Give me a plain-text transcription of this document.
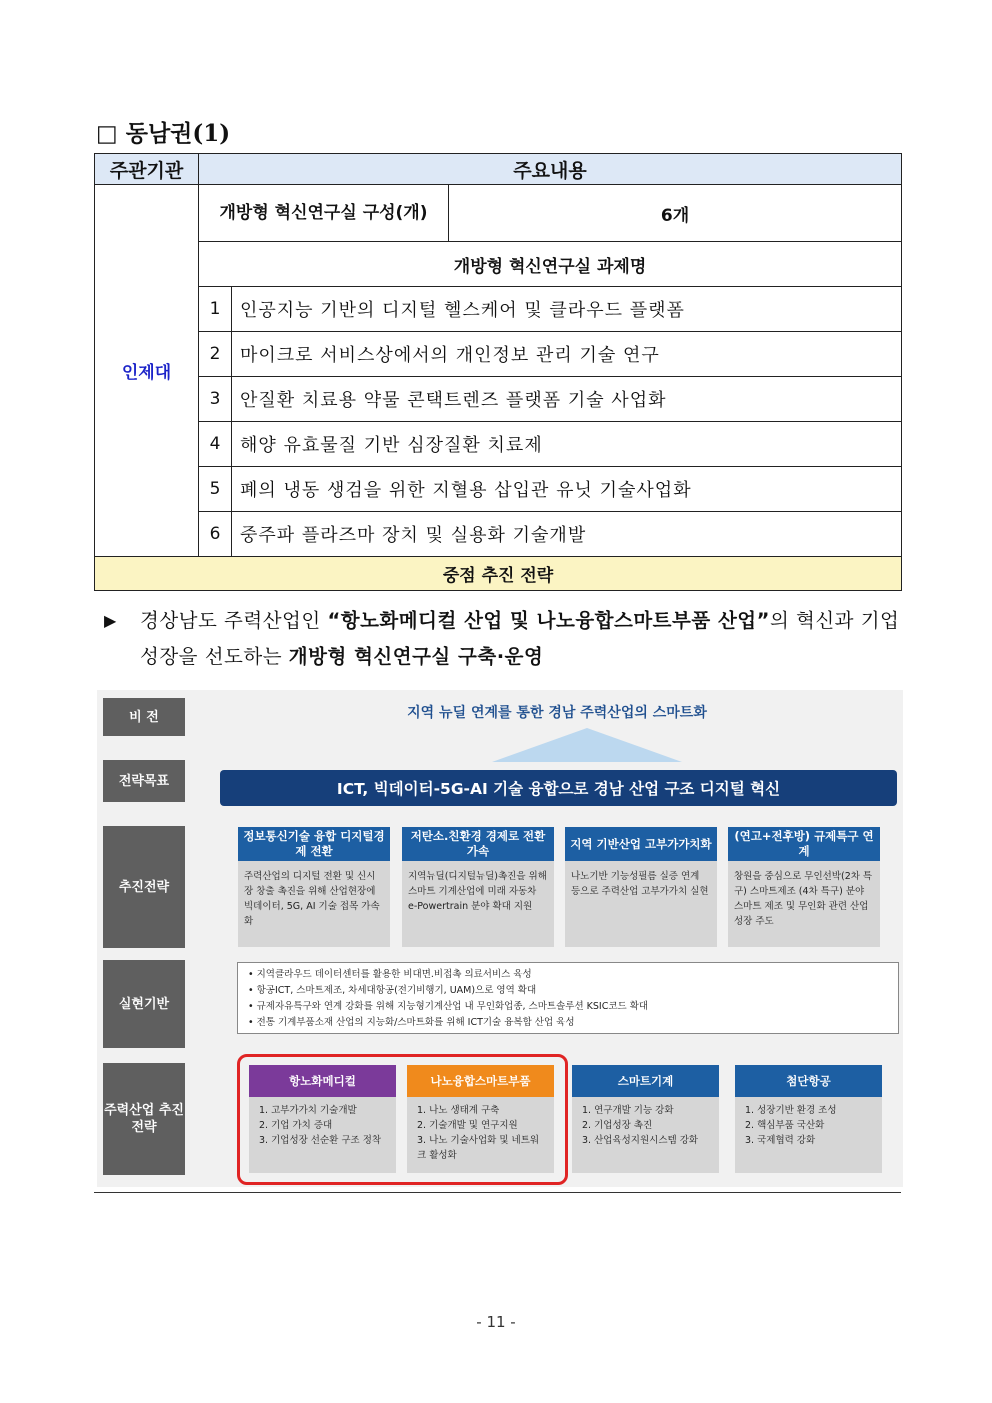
□ 동남권(1)
주관기관	주요내용		
인제대	개방형 혁신연구실 구성(개)		6개
	개방형 혁신연구실 과제명		
	1	인공지능 기반의 디지털 헬스케어 및 클라우드 플랫폼	
	2	마이크로 서비스상에서의 개인정보 관리 기술 연구	
	3	안질환 치료용 약물 콘택트렌즈 플랫폼 기술 사업화	
	4	해양 유효물질 기반 심장질환 치료제	
	5	폐의 냉동 생검을 위한 지혈용 삽입관 유닛 기술사업화	
	6	중주파 플라즈마 장치 및 실용화 기술개발	
중점 추진 전략			
▶ 경상남도 주력산업인 “항노화메디컬 산업 및 나노융합스마트부품 산업”의 혁신과 기업성장을 선도하는 개방형 혁신연구실 구축·운영
비 전
전략목표
추진전략
실현기반
주력산업 추진전략
지역 뉴딜 연계를 통한 경남 주력산업의 스마트화
ICT, 빅데이터-5G-AI 기술 융합으로 경남 산업 구조 디지털 혁신
정보통신기술 융합 디지털경제 전환
주력산업의 디지털 전환 및 신시장 창출 촉진을 위해 산업현장에 빅데이터, 5G, AI 기술 접목 가속화
저탄소.친환경 경제로 전환 가속
지역뉴딜(디지털뉴딜)촉진을 위해 스마트 기계산업에 미래 자동차 e-Powertrain 분야 확대 지원
지역 기반산업 고부가가치화
나노기반 기능성필름 실증 연계 등으로 주력산업 고부가가치 실현
(연고+전후방) 규제특구 연계
창원을 중심으로 무인선박(2차 특구) 스마트제조 (4차 특구) 분야 스마트 제조 및 무인화 관련 산업 성장 주도
• 지역클라우드 데이터센터를 활용한 비대면.비접촉 의료서비스 육성
• 항공ICT, 스마트제조, 차세대항공(전기비행기, UAM)으로 영역 확대
• 규제자유특구와 연계 강화를 위해 지능형기계산업 내 무인화업종, 스마트솔루션 KSIC코드 확대
• 전통 기계부품소재 산업의 지능화/스마트화를 위해 ICT기술 융복합 산업 육성
항노화메디컬
1. 고부가가치 기술개발
2. 기업 가치 증대
3. 기업성장 선순환 구조 정착
나노융합스마트부품
1. 나노 생태계 구축
2. 기술개발 및 연구지원
3. 나노 기술사업화 및 네트워크 활성화
스마트기계
1. 연구개발 기능 강화
2. 기업성장 촉진
3. 산업육성지원시스템 강화
첨단항공
1. 성장기반 환경 조성
2. 핵심부품 국산화
3. 국제협력 강화
- 11 -
